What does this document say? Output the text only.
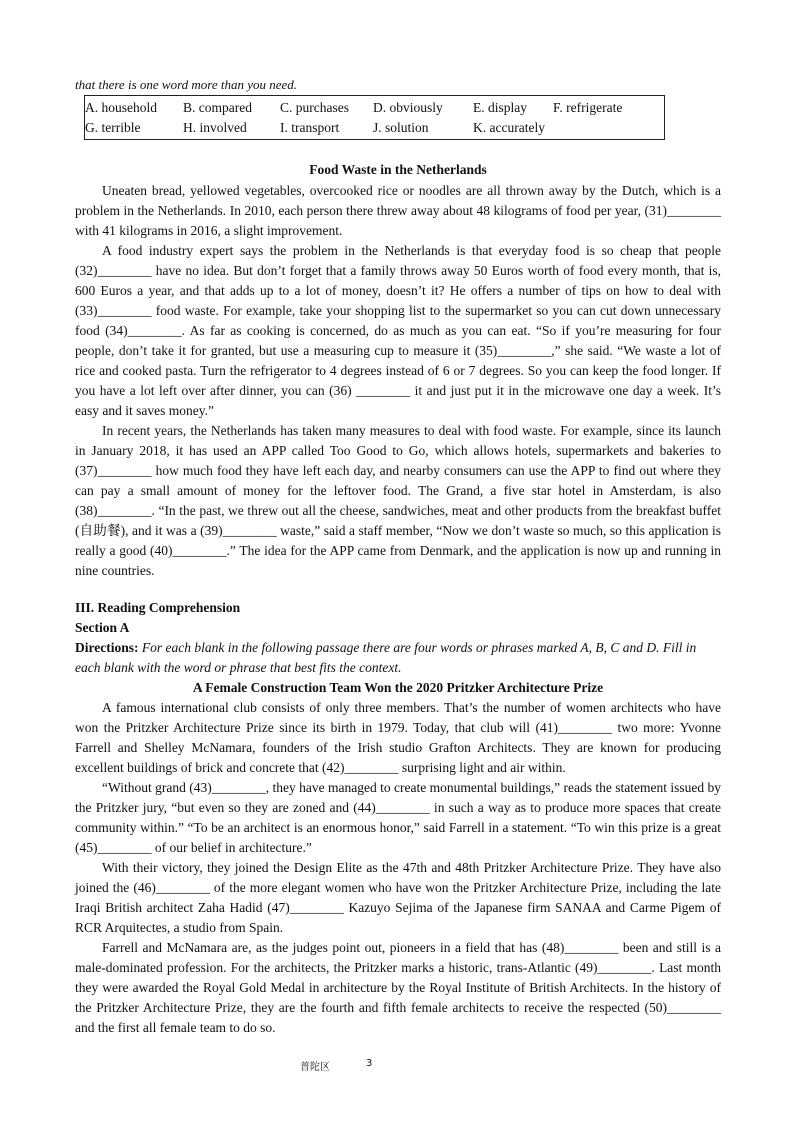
that there is one word more than you need.
A. household B. compared C. purchases D. obviously E. display F. refrigerate
G. terrible	H. involved I. transport	J. solution	K. accurately
Food Waste in the Netherlands

Uneaten bread, yellowed vegetables, overcooked rice or noodles are all thrown away by the Dutch, which is a problem in the Netherlands. In 2010, each person there threw away about 48 kilograms of food per year, (31)________ with 41 kilograms in 2016, a slight improvement.

A food industry expert says the problem in the Netherlands is that everyday food is so cheap that people (32)________ have no idea. But don’t forget that a family throws away 50 Euros worth of food every month, that is, 600 Euros a year, and that adds up to a lot of money, doesn’t it? He offers a number of tips on how to deal with (33)________ food waste. For example, take your shopping list to the supermarket so you can cut down unnecessary food (34)________. As far as cooking is concerned, do as much as you can eat. “So if you’re measuring for four people, don’t take it for granted, but use a measuring cup to measure it (35)________,” she said. “We waste a lot of rice and cooked pasta. Turn the refrigerator to 4 degrees instead of 6 or 7 degrees. So you can keep the food longer. If you have a lot left over after dinner, you can (36) ________ it and just put it in the microwave one day a week. It’s easy and it saves money.”

In recent years, the Netherlands has taken many measures to deal with food waste. For example, since its launch in January 2018, it has used an APP called Too Good to Go, which allows hotels, supermarkets and bakeries to (37)________ how much food they have left each day, and nearby consumers can use the APP to find out where they can pay a small amount of money for the leftover food. The Grand, a five star hotel in Amsterdam, is also (38)________. “In the past, we threw out all the cheese, sandwiches, meat and other products from the breakfast buffet (自助餐), and it was a (39)________ waste,” said a staff member, “Now we don’t waste so much, so this application is really a good (40)________.” The idea for the APP came from Denmark, and the application is now up and running in nine countries.

III. Reading Comprehension
Section A

Directions: For each blank in the following passage there are four words or phrases marked A, B, C and D. Fill in each blank with the word or phrase that best fits the context.

A Female Construction Team Won the 2020 Pritzker Architecture Prize

A famous international club consists of only three members. That’s the number of women architects who have won the Pritzker Architecture Prize since its birth in 1979. Today, that club will (41)________ two more: Yvonne Farrell and Shelley McNamara, founders of the Irish studio Grafton Architects. They are known for producing excellent buildings of brick and concrete that (42)________ surprising light and air within.

“Without grand (43)________, they have managed to create monumental buildings,” reads the statement issued by the Pritzker jury, “but even so they are zoned and (44)________ in such a way as to produce more spaces that create community within.” “To be an architect is an enormous honor,” said Farrell in a statement. “To win this prize is a great (45)________ of our belief in architecture.”

With their victory, they joined the Design Elite as the 47th and 48th Pritzker Architecture Prize. They have also joined the (46)________ of the more elegant women who have won the Pritzker Architecture Prize, including the late Iraqi British architect Zaha Hadid (47)________ Kazuyo Sejima of the Japanese firm SANAA and Carme Pigem of RCR Arquitectes, a studio from Spain.

Farrell and McNamara are, as the judges point out, pioneers in a field that has (48)________ been and still is a male-dominated profession. For the architects, the Pritzker marks a historic, trans-Atlantic (49)________. Last month they were awarded the Royal Gold Medal in architecture by the Royal Institute of British Architects. In the history of the Pritzker Architecture Prize, they are the fourth and fifth female architects to receive the respected (50)________ and the first all female team to do so.

普陀区	3
